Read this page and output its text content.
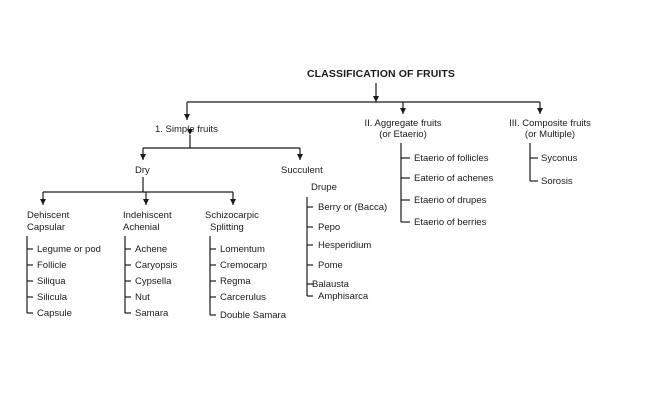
CLASSIFICATION OF FRUITS
1. Simple fruits
II. Aggregate fruits
(or Etaerio)
III. Composite fruits
(or Multiple)
Dry	Succulent
Drupe
Dehiscent
Capsular
Indehiscent
Achenial
Schizocarpic
Splitting
Legume or pod
Follicle
Siliqua
Silicula
Capsule
Achene
Caryopsis
Cypsella
Nut
Samara
Lomentum
Cremocarp
Regma
Carcerulus
Double Samara
Berry or (Bacca)
Pepo
Hesperidium
Pome
Balausta
Amphisarca
Etaerio of follicles
Eaterio of achenes
Etaerio of drupes
Etaerio of berries
Syconus
Sorosis
